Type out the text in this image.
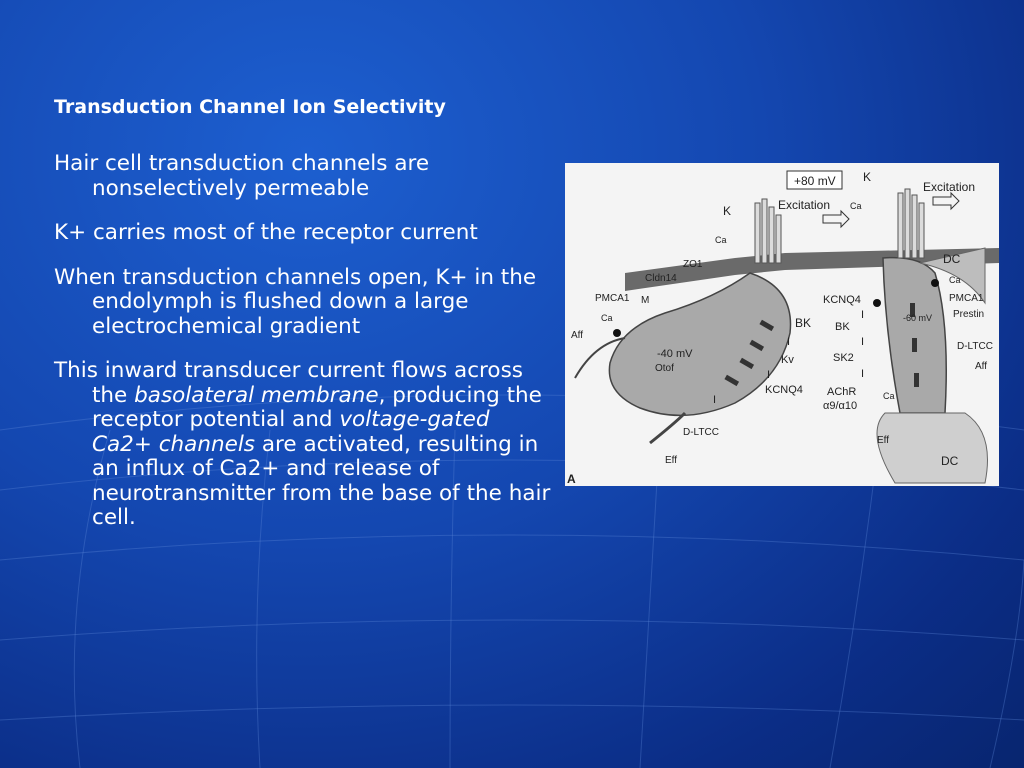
Transduction Channel Ion Selectivity
Hair cell transduction channels are nonselectively permeable
K+ carries most of the receptor current
When transduction channels open, K+ in the endolymph is flushed down a large electrochemical gradient
This inward transducer current flows across the basolateral membrane, producing the receptor potential and voltage-gated Ca2+ channels are activated, resulting in an influx of Ca2+ and release of neurotransmitter from the base of the hair cell.
+80 mV
Excitation
Excitation
K
K
Ca
Ca
ZO1
Cldn14
PMCA1 M
Ca
Aff
-40 mV
Otof
BK
I
Kv
I
KCNQ4
I
D-LTCC
Eff
DC
Ca
PMCA1
Prestin
-60 mV
KCNQ4
I
BK
I
SK2
I
AChR	Ca
α9/α10
D-LTCC
Aff
Eff
DC
A
